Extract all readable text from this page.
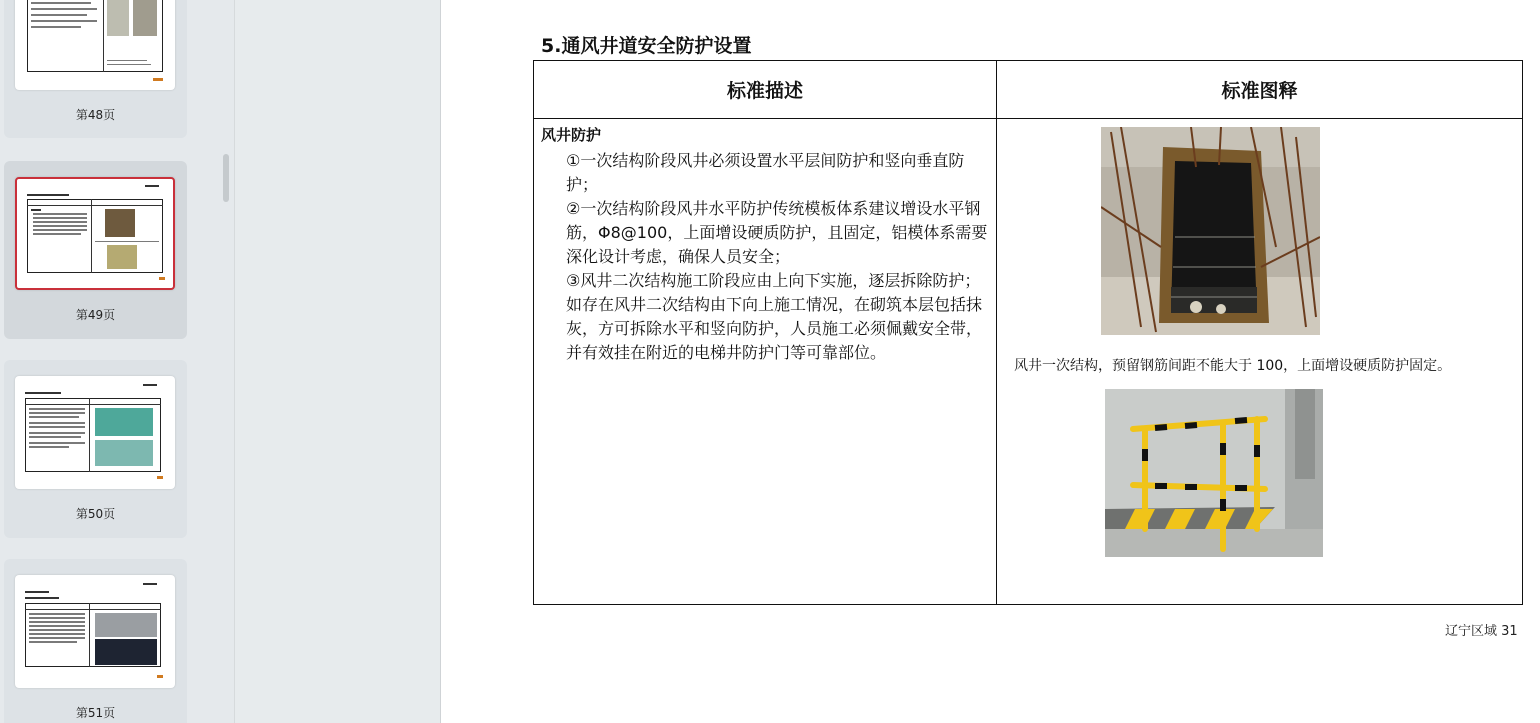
第48页
第49页
第50页
第51页
5.通风井道安全防护设置
标准描述	标准图释
风井防护

①一次结构阶段风井必须设置水平层间防护和竖向垂直防护；

②一次结构阶段风井水平防护传统模板体系建议增设水平钢筋，Φ8@100，上面增设硬质防护，且固定，铝模体系需要深化设计考虑，确保人员安全；

③风井二次结构施工阶段应由上向下实施，逐层拆除防护；如存在风井二次结构由下向上施工情况，在砌筑本层包括抹灰，方可拆除水平和竖向防护，人员施工必须佩戴安全带，并有效挂在附近的电梯井防护门等可靠部位。

风井一次结构，预留钢筋间距不能大于 100，上面增设硬质防护固定。
辽宁区域 31
